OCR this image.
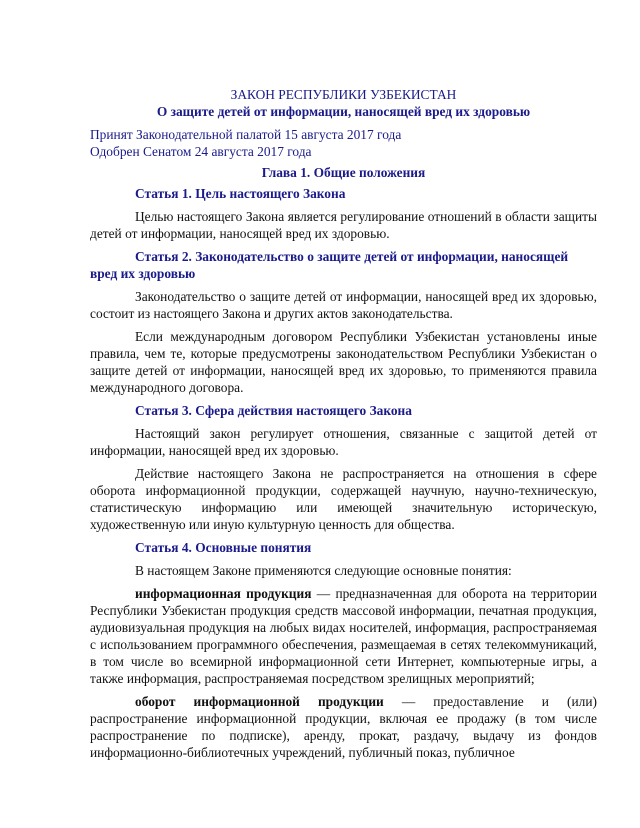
ЗАКОН РЕСПУБЛИКИ УЗБЕКИСТАН
О защите детей от информации, наносящей вред их здоровью
Принят Законодательной палатой 15 августа 2017 года
Одобрен Сенатом 24 августа 2017 года
Глава 1. Общие положения
Статья 1. Цель настоящего Закона

Целью настоящего Закона является регулирование отношений в области защиты детей от информации, наносящей вред их здоровью.

Статья 2. Законодательство о защите детей от информации, наносящей вред их здоровью

Законодательство о защите детей от информации, наносящей вред их здоровью, состоит из настоящего Закона и других актов законодательства.

Если международным договором Республики Узбекистан установлены иные правила, чем те, которые предусмотрены законодательством Республики Узбекистан о защите детей от информации, наносящей вред их здоровью, то применяются правила международного договора.

Статья 3. Сфера действия настоящего Закона

Настоящий закон регулирует отношения, связанные с защитой детей от информации, наносящей вред их здоровью.

Действие настоящего Закона не распространяется на отношения в сфере оборота информационной продукции, содержащей научную, научно-техническую, статистическую информацию или имеющей значительную историческую, художественную или иную культурную ценность для общества.

Статья 4. Основные понятия

В настоящем Законе применяются следующие основные понятия:

информационная продукция — предназначенная для оборота на территории Республики Узбекистан продукция средств массовой информации, печатная продукция, аудиовизуальная продукция на любых видах носителей, информация, распространяемая с использованием программного обеспечения, размещаемая в сетях телекоммуникаций, в том числе во всемирной информационной сети Интернет, компьютерные игры, а также информация, распространяемая посредством зрелищных мероприятий;

оборот информационной продукции — предоставление и (или) распространение информационной продукции, включая ее продажу (в том числе распространение по подписке), аренду, прокат, раздачу, выдачу из фондов информационно-библиотечных учреждений, публичный показ, публичное
